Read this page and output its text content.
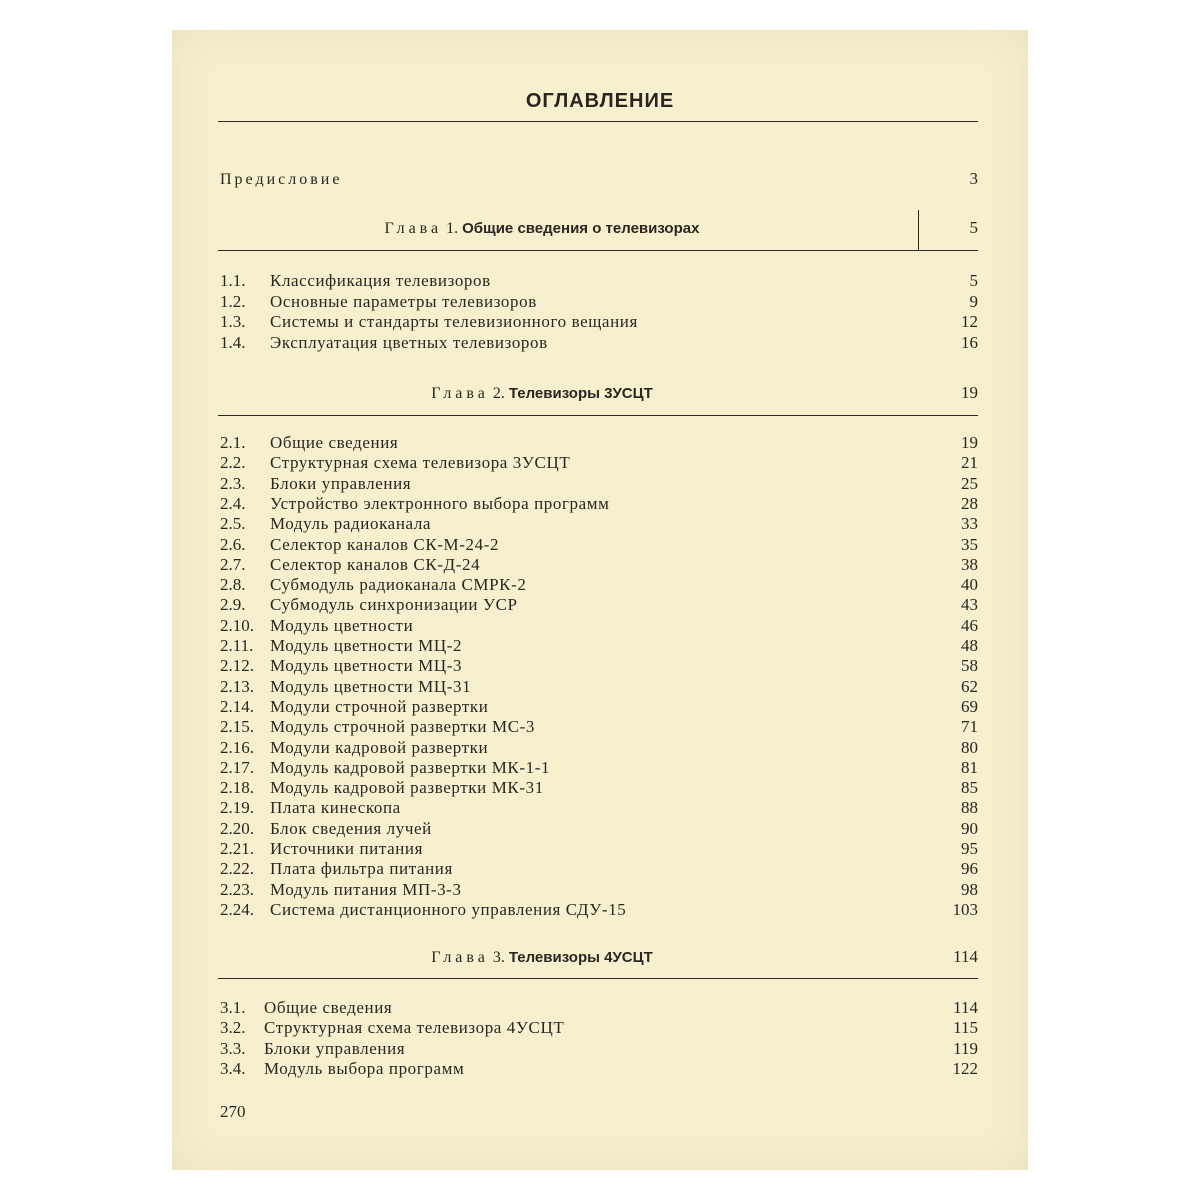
ОГЛАВЛЕНИЕ
Предисловие	3
Глава 1. Общие сведения о телевизорах	5
1.1. Классификация телевизоров	5
1.2. Основные параметры телевизоров	9
1.3. Системы и стандарты телевизионного вещания	12
1.4. Эксплуатация цветных телевизоров	16
Глава 2. Телевизоры 3УСЦТ	19
2.1. Общие сведения	19
2.2. Структурная схема телевизора 3УСЦТ	21
2.3. Блоки управления	25
2.4. Устройство электронного выбора программ	28
2.5. Модуль радиоканала	33
2.6. Селектор каналов СК-М-24-2	35
2.7. Селектор каналов СК-Д-24	38
2.8. Субмодуль радиоканала СМРК-2	40
2.9. Субмодуль синхронизации УСР	43
2.10. Модуль цветности	46
2.11. Модуль цветности МЦ-2	48
2.12. Модуль цветности МЦ-3	58
2.13. Модуль цветности МЦ-31	62
2.14. Модули строчной развертки	69
2.15. Модуль строчной развертки МС-3	71
2.16. Модули кадровой развертки	80
2.17. Модуль кадровой развертки МК-1-1	81
2.18. Модуль кадровой развертки МК-31	85
2.19. Плата кинескопа	88
2.20. Блок сведения лучей	90
2.21. Источники питания	95
2.22. Плата фильтра питания	96
2.23. Модуль питания МП-3-3	98
2.24. Система дистанционного управления СДУ-15	103
Глава 3. Телевизоры 4УСЦТ	114
3.1. Общие сведения	114
3.2. Структурная схема телевизора 4УСЦТ	115
3.3. Блоки управления	119
3.4. Модуль выбора программ	122
270
